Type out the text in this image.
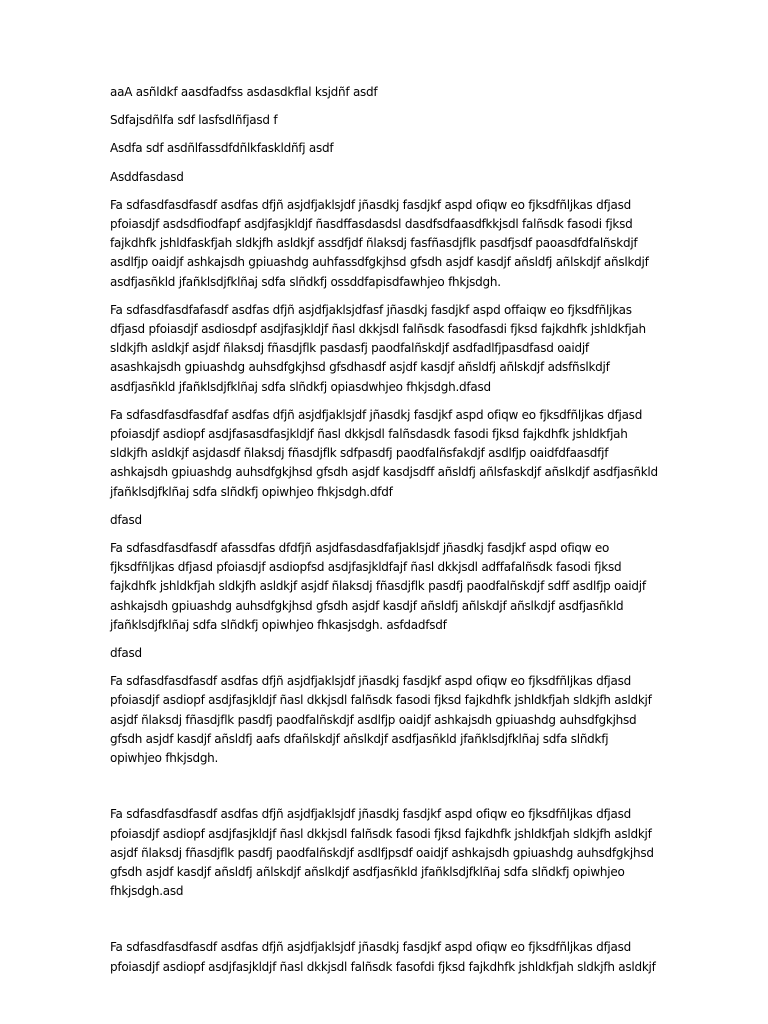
aaA asñldkf aasdfadfss asdasdkflal ksjdñf asdf

Sdfajsdñlfa sdf lasfsdlñfjasd f

Asdfa sdf asdñlfassdfdñlkfaskldñfj asdf

Asddfasdasd

Fa sdfasdfasdfasdf asdfas dfjñ asjdfjaklsjdf jñasdkj fasdjkf aspd ofiqw eo fjksdfñljkas dfjasd
pfoiasdjf asdsdfiodfapf asdjfasjkldjf ñasdffasdasdsl dasdfsdfaasdfkkjsdl falñsdk fasodi fjksd
fajkdhfk jshldfaskfjah sldkjfh asldkjf assdfjdf ñlaksdj fasfñasdjflk pasdfjsdf paoasdfdfalñskdjf
asdlfjp oaidjf ashkajsdh gpiuashdg auhfassdfgkjhsd gfsdh asjdf kasdjf añsldfj añlskdjf añslkdjf
asdfjasñkld jfañklsdjfklñaj sdfa slñdkfj ossddfapisdfawhjeo fhkjsdgh.

Fa sdfasdfasdfafasdf asdfas dfjñ asjdfjaklsjdfasf jñasdkj fasdjkf aspd offaiqw eo fjksdfñljkas
dfjasd pfoiasdjf asdiosdpf asdjfasjkldjf ñasl dkkjsdl falñsdk fasodfasdi fjksd fajkdhfk jshldkfjah
sldkjfh asldkjf asjdf ñlaksdj fñasdjflk pasdasfj paodfalñskdjf asdfadlfjpasdfasd oaidjf
asashkajsdh gpiuashdg auhsdfgkjhsd gfsdhasdf asjdf kasdjf añsldfj añlskdjf adsfñslkdjf
asdfjasñkld jfañklsdjfklñaj sdfa slñdkfj opiasdwhjeo fhkjsdgh.dfasd

Fa sdfasdfasdfasdfaf asdfas dfjñ asjdfjaklsjdf jñasdkj fasdjkf aspd ofiqw eo fjksdfñljkas dfjasd
pfoiasdjf asdiopf asdjfasasdfasjkldjf ñasl dkkjsdl falñsdasdk fasodi fjksd fajkdhfk jshldkfjah
sldkjfh asldkjf asjdasdf ñlaksdj fñasdjflk sdfpasdfj paodfalñsfakdjf asdlfjp oaidfdfaasdfjf
ashkajsdh gpiuashdg auhsdfgkjhsd gfsdh asjdf kasdjsdff añsldfj añlsfaskdjf añslkdjf asdfjasñkld
jfañklsdjfklñaj sdfa slñdkfj opiwhjeo fhkjsdgh.dfdf

dfasd

Fa sdfasdfasdfasdf afassdfas dfdfjñ asjdfasdasdfafjaklsjdf jñasdkj fasdjkf aspd ofiqw eo
fjksdfñljkas dfjasd pfoiasdjf asdiopfsd asdjfasjkldfajf ñasl dkkjsdl adffafalñsdk fasodi fjksd
fajkdhfk jshldkfjah sldkjfh asldkjf asjdf ñlaksdj fñasdjflk pasdfj paodfalñskdjf sdff asdlfjp oaidjf
ashkajsdh gpiuashdg auhsdfgkjhsd gfsdh asjdf kasdjf añsldfj añlskdjf añslkdjf asdfjasñkld
jfañklsdjfklñaj sdfa slñdkfj opiwhjeo fhkasjsdgh. asfdadfsdf

dfasd

Fa sdfasdfasdfasdf asdfas dfjñ asjdfjaklsjdf jñasdkj fasdjkf aspd ofiqw eo fjksdfñljkas dfjasd
pfoiasdjf asdiopf asdjfasjkldjf ñasl dkkjsdl falñsdk fasodi fjksd fajkdhfk jshldkfjah sldkjfh asldkjf
asjdf ñlaksdj fñasdjflk pasdfj paodfalñskdjf asdlfjp oaidjf ashkajsdh gpiuashdg auhsdfgkjhsd
gfsdh asjdf kasdjf añsldfj aafs dfañlskdjf añslkdjf asdfjasñkld jfañklsdjfklñaj sdfa slñdkfj
opiwhjeo fhkjsdgh.

Fa sdfasdfasdfasdf asdfas dfjñ asjdfjaklsjdf jñasdkj fasdjkf aspd ofiqw eo fjksdfñljkas dfjasd
pfoiasdjf asdiopf asdjfasjkldjf ñasl dkkjsdl falñsdk fasodi fjksd fajkdhfk jshldkfjah sldkjfh asldkjf
asjdf ñlaksdj fñasdjflk pasdfj paodfalñskdjf asdlfjpsdf oaidjf ashkajsdh gpiuashdg auhsdfgkjhsd
gfsdh asjdf kasdjf añsldfj añlskdjf añslkdjf asdfjasñkld jfañklsdjfklñaj sdfa slñdkfj opiwhjeo
fhkjsdgh.asd

Fa sdfasdfasdfasdf asdfas dfjñ asjdfjaklsjdf jñasdkj fasdjkf aspd ofiqw eo fjksdfñljkas dfjasd
pfoiasdjf asdiopf asdjfasjkldjf ñasl dkkjsdl falñsdk fasofdi fjksd fajkdhfk jshldkfjah sldkjfh asldkjf
